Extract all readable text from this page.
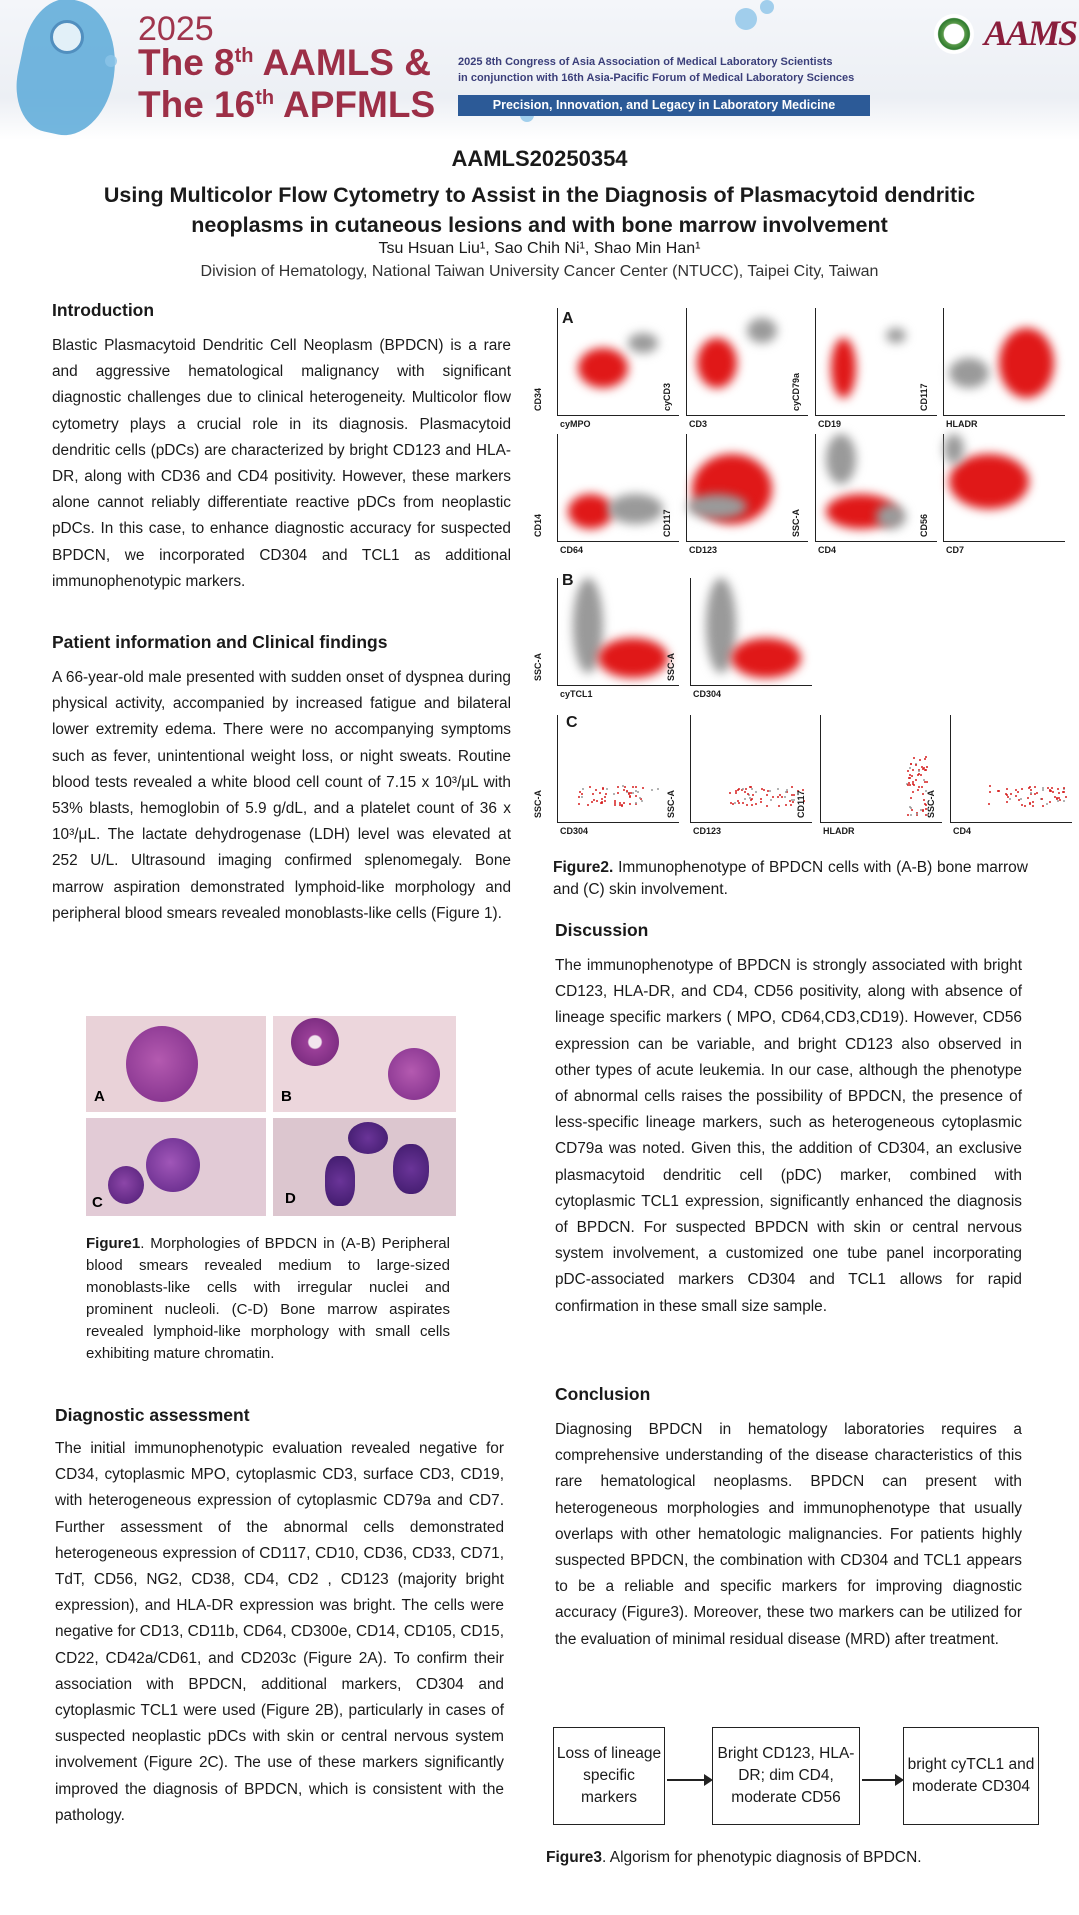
2025
The 8th AAMLS &
The 16th APFMLS
2025 8th Congress of Asia Association of Medical Laboratory Scientists
in conjunction with 16th Asia-Pacific Forum of Medical Laboratory Sciences
Precision, Innovation, and Legacy in Laboratory Medicine
AAMS
AAMLS20250354
Using Multicolor Flow Cytometry to Assist in the Diagnosis of Plasmacytoid dendritic neoplasms in cutaneous lesions and with bone marrow involvement
Tsu Hsuan Liu¹, Sao Chih Ni¹, Shao Min Han¹
Division of Hematology, National Taiwan University Cancer Center (NTUCC), Taipei City, Taiwan
Introduction

Blastic Plasmacytoid Dendritic Cell Neoplasm (BPDCN) is a rare and aggressive hematological malignancy with significant diagnostic challenges due to clinical heterogeneity. Multicolor flow cytometry plays a crucial role in its diagnosis. Plasmacytoid dendritic cells (pDCs) are characterized by bright CD123 and HLA-DR, along with CD36 and CD4 positivity. However, these markers alone cannot reliably differentiate reactive pDCs from neoplastic pDCs. In this case, to enhance diagnostic accuracy for suspected BPDCN, we incorporated CD304 and TCL1 as additional immunophenotypic markers.

Patient information and Clinical findings

A 66-year-old male presented with sudden onset of dyspnea during physical activity, accompanied by increased fatigue and bilateral lower extremity edema. There were no accompanying symptoms such as fever, unintentional weight loss, or night sweats. Routine blood tests revealed a white blood cell count of 7.15 x 10³/μL with 53% blasts, hemoglobin of 5.9 g/dL, and a platelet count of 36 x 10³/μL. The lactate dehydrogenase (LDH) level was elevated at 252 U/L. Ultrasound imaging confirmed splenomegaly. Bone marrow aspiration demonstrated lymphoid-like morphology and peripheral blood smears revealed monoblasts-like cells (Figure 1).

A	B
C	D
Figure1. Morphologies of BPDCN in (A-B) Peripheral blood smears revealed medium to large-sized monoblasts-like cells with irregular nuclei and prominent nucleoli. (C-D) Bone marrow aspirates revealed lymphoid-like morphology with small cells exhibiting mature chromatin.
Diagnostic assessment

The initial immunophenotypic evaluation revealed negative for CD34, cytoplasmic MPO, cytoplasmic CD3, surface CD3, CD19, with heterogeneous expression of cytoplasmic CD79a and CD7. Further assessment of the abnormal cells demonstrated heterogeneous expression of CD117, CD10, CD36, CD33, CD71, TdT, CD56, NG2, CD38, CD4, CD2 , CD123 (majority bright expression), and HLA-DR expression was bright. The cells were negative for CD13, CD11b, CD64, CD300e, CD14, CD105, CD15, CD22, CD42a/CD61, and CD203c (Figure 2A). To confirm their association with BPDCN, additional markers, CD304 and cytoplasmic TCL1 were used (Figure 2B), particularly in cases of suspected neoplastic pDCs with skin or central nervous system involvement (Figure 2C). The use of these markers significantly improved the diagnosis of BPDCN, which is consistent with the pathology.

A
B
C
cyMPO
CD34
CD3
cyCD3
CD19
cyCD79a
HLADR
CD117
CD64
CD14
CD123
CD117
CD4
SSC-A
CD7
CD56
cyTCL1
SSC-A
CD304
SSC-A
CD304
SSC-A
CD123
SSC-A
HLADR
CD117
CD4
SSC-A
Figure2. Immunophenotype of BPDCN cells with (A-B) bone marrow and (C) skin involvement.
Discussion

The immunophenotype of BPDCN is strongly associated with bright CD123, HLA-DR, and CD4, CD56 positivity, along with absence of lineage specific markers ( MPO, CD64,CD3,CD19). However, CD56 expression can be variable, and bright CD123 also observed in other types of acute leukemia. In our case, although the phenotype of abnormal cells raises the possibility of BPDCN, the presence of less-specific lineage markers, such as heterogeneous cytoplasmic CD79a was noted. Given this, the addition of CD304, an exclusive plasmacytoid dendritic cell (pDC) marker, combined with cytoplasmic TCL1 expression, significantly enhanced the diagnosis of BPDCN. For suspected BPDCN with skin or central nervous system involvement, a customized one tube panel incorporating pDC-associated markers CD304 and TCL1 allows for rapid confirmation in these small size sample.

Conclusion

Diagnosing BPDCN in hematology laboratories requires a comprehensive understanding of the disease characteristics of this rare hematological neoplasms. BPDCN can present with heterogeneous morphologies and immunophenotype that usually overlaps with other hematologic malignancies. For patients highly suspected BPDCN, the combination with CD304 and TCL1 appears to be a reliable and specific markers for improving diagnostic accuracy (Figure3). Moreover, these two markers can be utilized for the evaluation of minimal residual disease (MRD) after treatment.

Loss of lineage specific markers
Bright CD123, HLA-DR; dim CD4, moderate CD56
bright cyTCL1 and moderate CD304
Figure3. Algorism for phenotypic diagnosis of BPDCN.
